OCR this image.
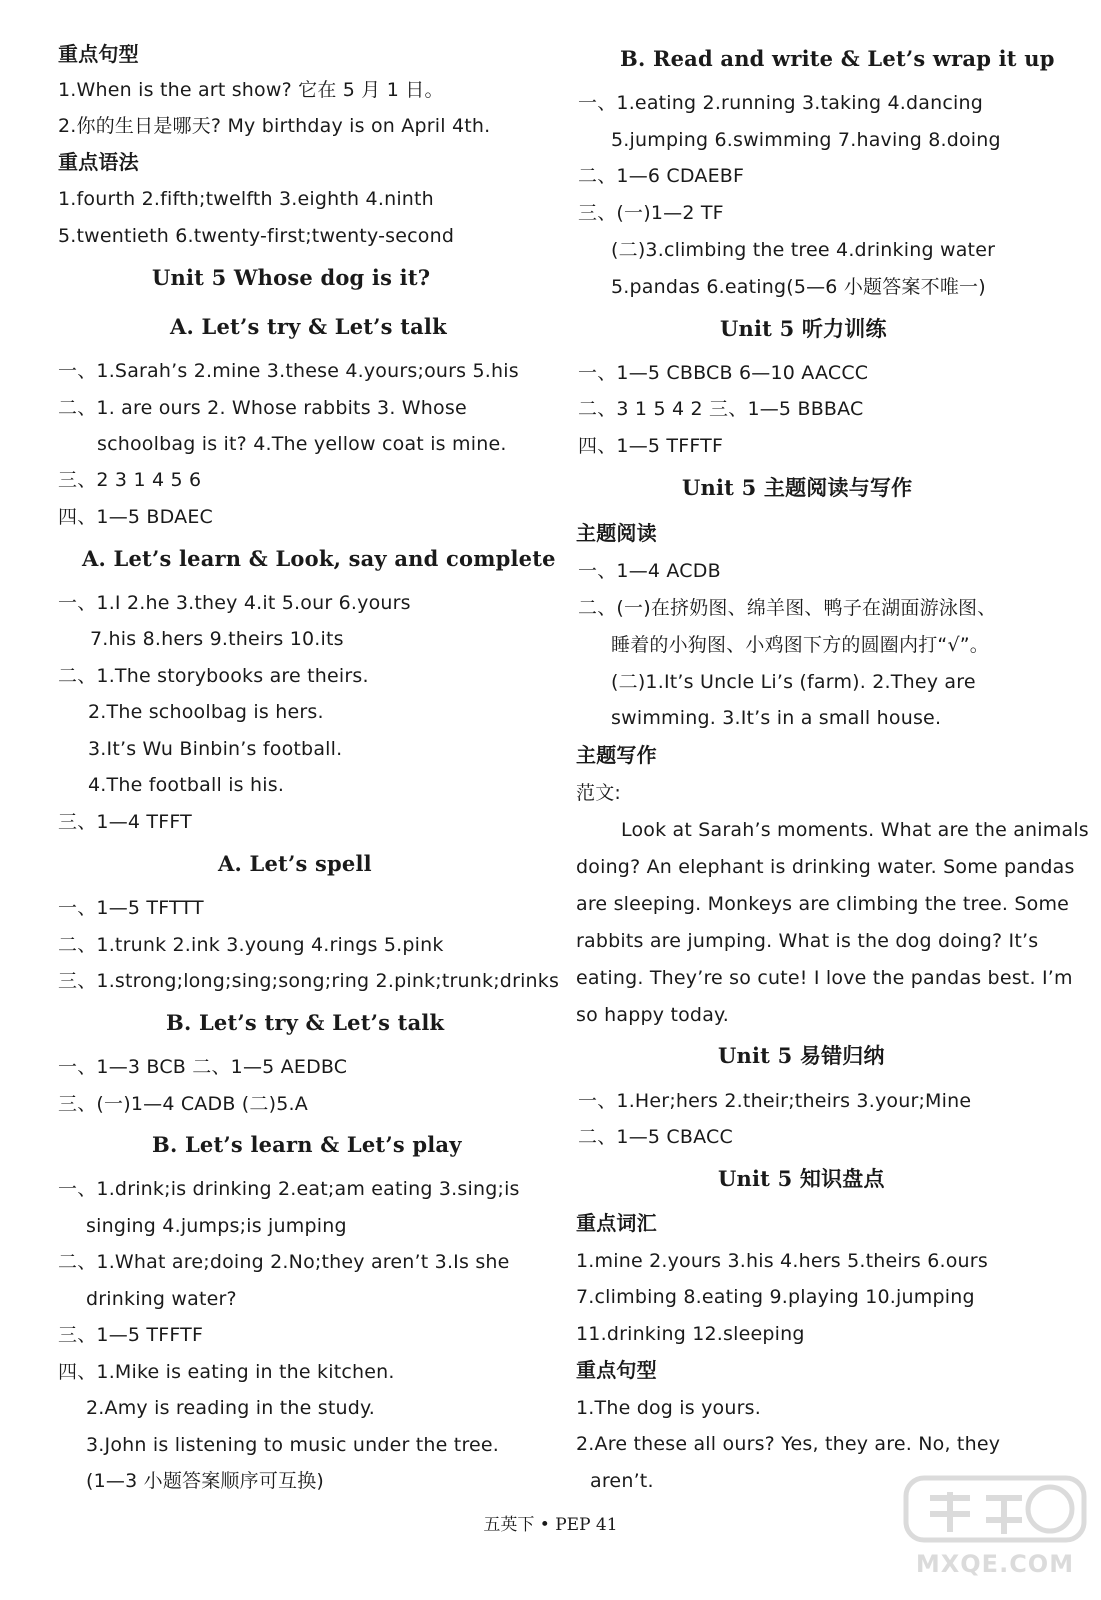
重点句型
1.When is the art show? 它在 5 月 1 日。
2.你的生日是哪天? My birthday is on April 4th.
重点语法
1.fourth 2.fifth;twelfth 3.eighth 4.ninth
5.twentieth 6.twenty-first;twenty-second
Unit 5 Whose dog is it?
A. Let’s try & Let’s talk
一、1.Sarah’s 2.mine 3.these 4.yours;ours 5.his
二、1. are ours 2. Whose rabbits 3. Whose
schoolbag is it? 4.The yellow coat is mine.
三、2 3 1 4 5 6
四、1—5 BDAEC
A. Let’s learn & Look, say and complete
一、1.I 2.he 3.they 4.it 5.our 6.yours
7.his 8.hers 9.theirs 10.its
二、1.The storybooks are theirs.
2.The schoolbag is hers.
3.It’s Wu Binbin’s football.
4.The football is his.
三、1—4 TFFT
A. Let’s spell
一、1—5 TFTTT
二、1.trunk 2.ink 3.young 4.rings 5.pink
三、1.strong;long;sing;song;ring 2.pink;trunk;drinks
B. Let’s try & Let’s talk
一、1—3 BCB 二、1—5 AEDBC
三、(一)1—4 CADB (二)5.A
B. Let’s learn & Let’s play
一、1.drink;is drinking 2.eat;am eating 3.sing;is
singing 4.jumps;is jumping
二、1.What are;doing 2.No;they aren’t 3.Is she
drinking water?
三、1—5 TFFTF
四、1.Mike is eating in the kitchen.
2.Amy is reading in the study.
3.John is listening to music under the tree.
(1—3 小题答案顺序可互换)
B. Read and write & Let’s wrap it up
一、1.eating 2.running 3.taking 4.dancing
5.jumping 6.swimming 7.having 8.doing
二、1—6 CDAEBF
三、(一)1—2 TF
(二)3.climbing the tree 4.drinking water
5.pandas 6.eating(5—6 小题答案不唯一)
Unit 5 听力训练
一、1—5 CBBCB 6—10 AACCC
二、3 1 5 4 2 三、1—5 BBBAC
四、1—5 TFFTF
Unit 5 主题阅读与写作
主题阅读
一、1—4 ACDB
二、(一)在挤奶图、绵羊图、鸭子在湖面游泳图、
睡着的小狗图、小鸡图下方的圆圈内打“√”。
(二)1.It’s Uncle Li’s (farm). 2.They are
swimming. 3.It’s in a small house.
主题写作
范文:
Look at Sarah’s moments. What are the animals
doing? An elephant is drinking water. Some pandas
are sleeping. Monkeys are climbing the tree. Some
rabbits are jumping. What is the dog doing? It’s
eating. They’re so cute! I love the pandas best. I’m
so happy today.
Unit 5 易错归纳
一、1.Her;hers 2.their;theirs 3.your;Mine
二、1—5 CBACC
Unit 5 知识盘点
重点词汇
1.mine 2.yours 3.his 4.hers 5.theirs 6.ours
7.climbing 8.eating 9.playing 10.jumping
11.drinking 12.sleeping
重点句型
1.The dog is yours.
2.Are these all ours? Yes, they are. No, they
aren’t.
五英下 • PEP 41
MXQE.COM
